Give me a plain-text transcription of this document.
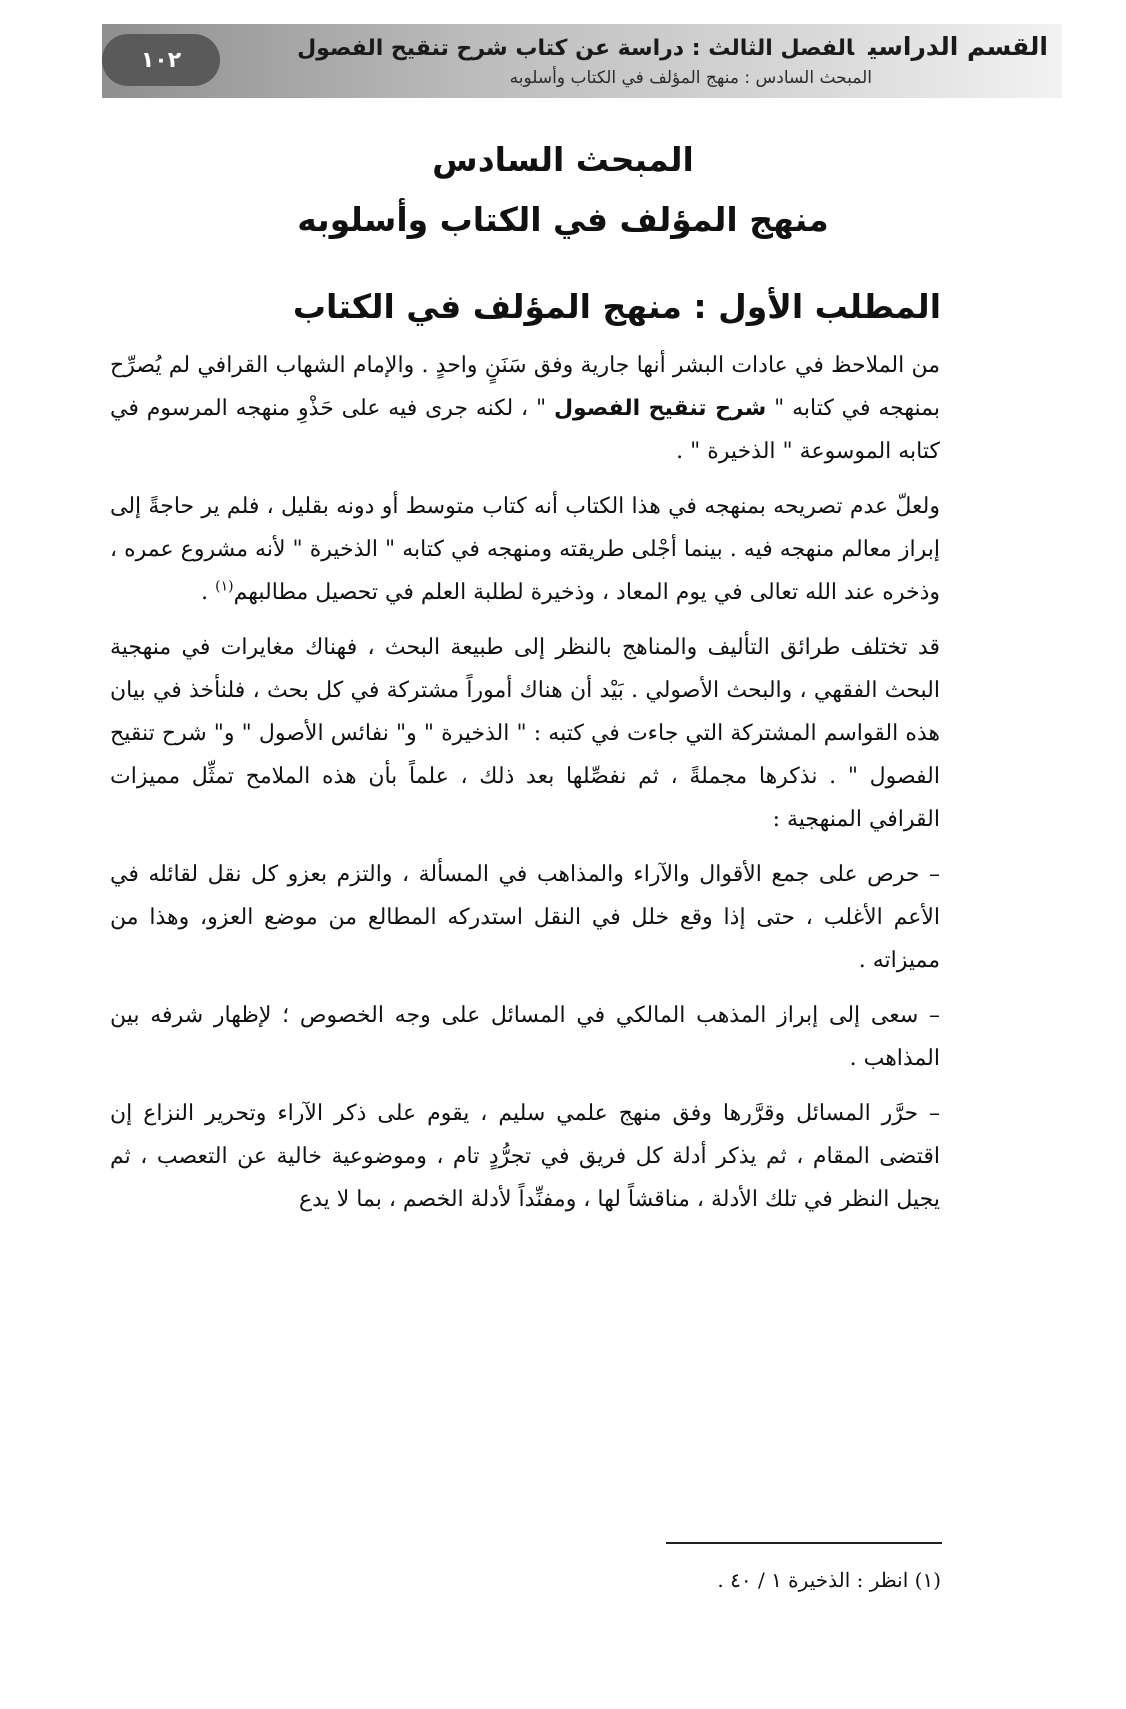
القسم الدراسيالفصل الثالث : دراسة عن كتاب شرح تنقيح الفصول
المبحث السادس : منهج المؤلف في الكتاب وأسلوبه
١٠٢
المبحث السادس
منهج المؤلف في الكتاب وأسلوبه
المطلب الأول : منهج المؤلف في الكتاب

من الملاحظ في عادات البشر أنها جارية وفق سَنَنٍ واحدٍ . والإمام الشهاب القرافي لم يُصرِّح بمنهجه في كتابه " شرح تنقيح الفصول " ، لكنه جرى فيه على حَذْوِ منهجه المرسوم في كتابه الموسوعة " الذخيرة " .

ولعلّ عدم تصريحه بمنهجه في هذا الكتاب أنه كتاب متوسط أو دونه بقليل ، فلم ير حاجةً إلى إبراز معالم منهجه فيه . بينما أجْلى طريقته ومنهجه في كتابه " الذخيرة " لأنه مشروع عمره ، وذخره عند الله تعالى في يوم المعاد ، وذخيرة لطلبة العلم في تحصيل مطالبهم$^{(١)}$ .

قد تختلف طرائق التأليف والمناهج بالنظر إلى طبيعة البحث ، فهناك مغايرات في منهجية البحث الفقهي ، والبحث الأصولي . بَيْد أن هناك أموراً مشتركة في كل بحث ، فلنأخذ في بيان هذه القواسم المشتركة التي جاءت في كتبه : " الذخيرة " و" نفائس الأصول " و" شرح تنقيح الفصول " . نذكرها مجملةً ، ثم نفصِّلها بعد ذلك ، علماً بأن هذه الملامح تمثِّل مميزات القرافي المنهجية :

– حرص على جمع الأقوال والآراء والمذاهب في المسألة ، والتزم بعزو كل نقل لقائله في الأعم الأغلب ، حتى إذا وقع خلل في النقل استدركه المطالع من موضع العزو، وهذا من مميزاته .

– سعى إلى إبراز المذهب المالكي في المسائل على وجه الخصوص ؛ لإظهار شرفه بين المذاهب .

– حرَّر المسائل وقرَّرها وفق منهج علمي سليم ، يقوم على ذكر الآراء وتحرير النزاع إن اقتضى المقام ، ثم يذكر أدلة كل فريق في تجرُّدٍ تام ، وموضوعية خالية عن التعصب ، ثم يجيل النظر في تلك الأدلة ، مناقشاً لها ، ومفنِّداً لأدلة الخصم ، بما لا يدع

(١) انظر : الذخيرة ١ / ٤٠ .
